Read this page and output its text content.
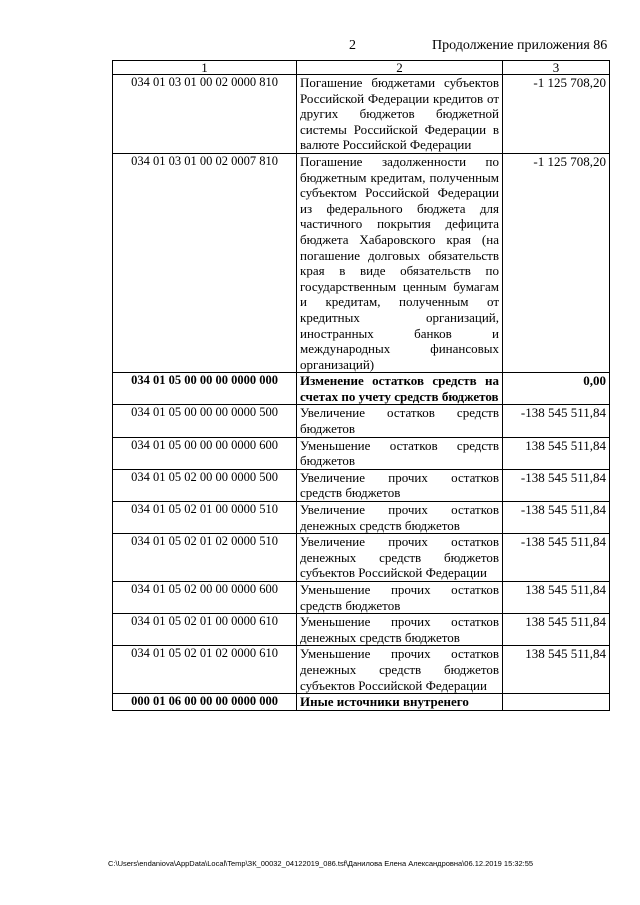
2	Продолжение приложения 86
1	2	3
034 01 03 01 00 02 0000 810	Погашение бюджетами субъектов Российской Федерации кредитов от других бюджетов бюджетной системы Российской Федерации в валюте Российской Федерации	-1 125 708,20
034 01 03 01 00 02 0007 810	Погашение задолженности по бюджетным кредитам, полученным субъектом Российской Федерации из федерального бюджета для частичного покрытия дефицита бюджета Хабаровского края (на погашение долговых обязательств края в виде обязательств по государственным ценным бумагам и кредитам, полученным от кредитных организаций, иностранных банков и международных финансовых организаций)	-1 125 708,20
034 01 05 00 00 00 0000 000	Изменение остатков средств на счетах по учету средств бюджетов	0,00
034 01 05 00 00 00 0000 500	Увеличение остатков средств бюджетов	-138 545 511,84
034 01 05 00 00 00 0000 600	Уменьшение остатков средств бюджетов	138 545 511,84
034 01 05 02 00 00 0000 500	Увеличение прочих остатков средств бюджетов	-138 545 511,84
034 01 05 02 01 00 0000 510	Увеличение прочих остатков денежных средств бюджетов	-138 545 511,84
034 01 05 02 01 02 0000 510	Увеличение прочих остатков денежных средств бюджетов субъектов Российской Федерации	-138 545 511,84
034 01 05 02 00 00 0000 600	Уменьшение прочих остатков средств бюджетов	138 545 511,84
034 01 05 02 01 00 0000 610	Уменьшение прочих остатков денежных средств бюджетов	138 545 511,84
034 01 05 02 01 02 0000 610	Уменьшение прочих остатков денежных средств бюджетов субъектов Российской Федерации	138 545 511,84
000 01 06 00 00 00 0000 000	Иные источники внутренего	
C:\Users\endaniova\AppData\Local\Temp\ЗК_00032_04122019_086.tsf\Данилова Елена Александровна\06.12.2019 15:32:55
